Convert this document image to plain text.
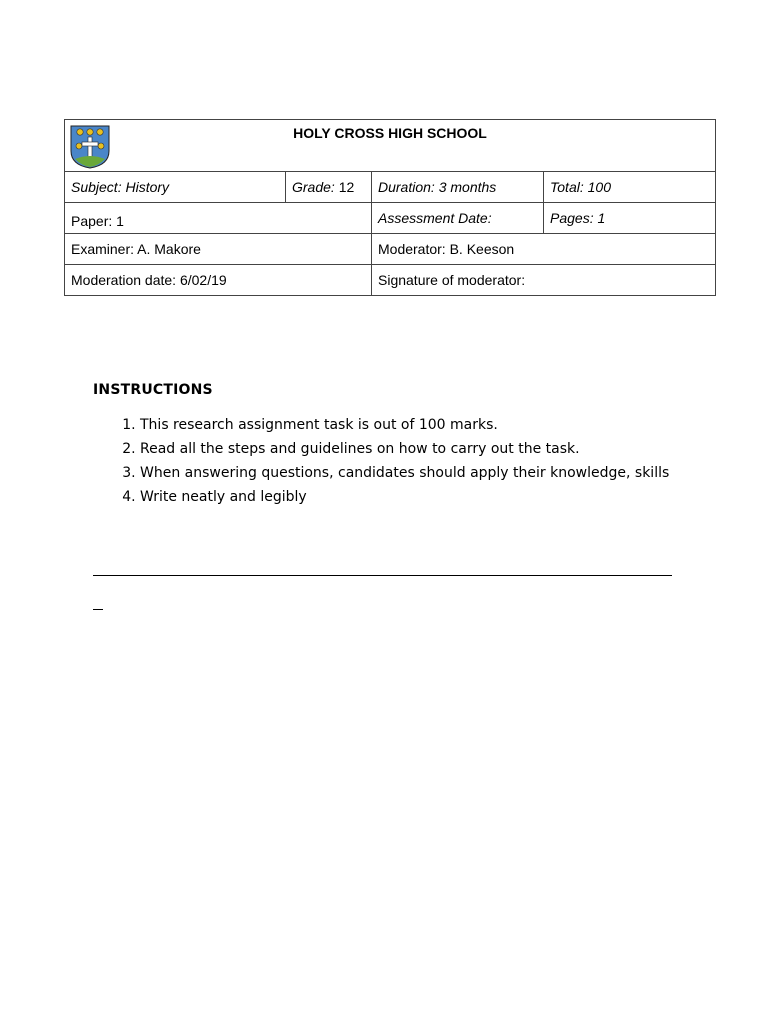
HOLY CROSS HIGH SCHOOL			

Subject: History	Grade: 12	Duration: 3 months	Total: 100
Paper: 1		Assessment Date:	Pages: 1
Examiner: A. Makore		Moderator: B. Keeson	
Moderation date: 6/02/19		Signature of moderator:	
INSTRUCTIONS
1. This research assignment task is out of 100 marks.
2. Read all the steps and guidelines on how to carry out the task.
3. When answering questions, candidates should apply their knowledge, skills
4. Write neatly and legibly
